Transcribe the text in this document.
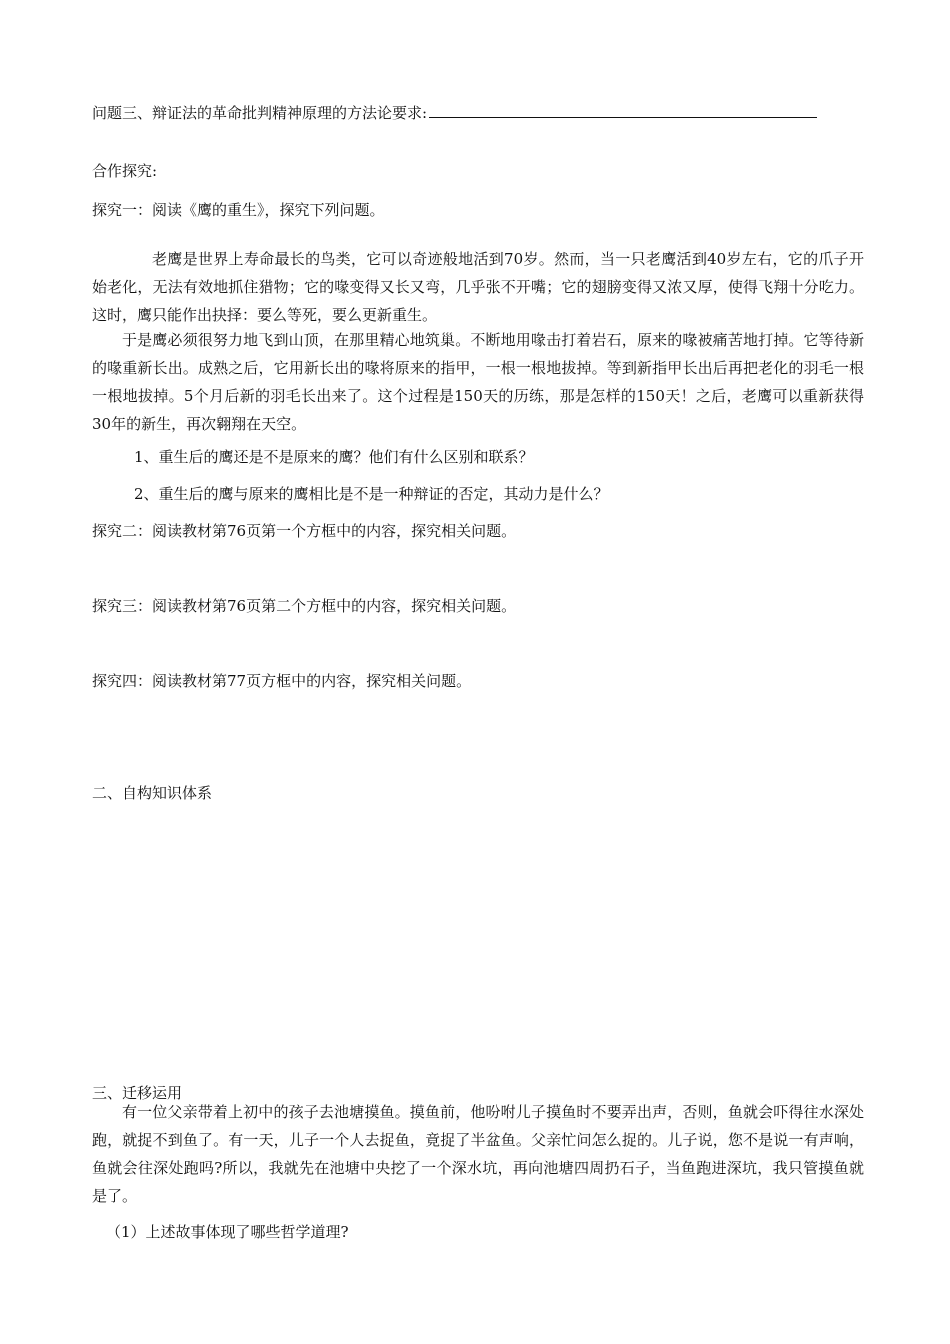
问题三、辩证法的革命批判精神原理的方法论要求:
合作探究:
探究一：阅读《鹰的重生》，探究下列问题。
老鹰是世界上寿命最长的鸟类，它可以奇迹般地活到70岁。然而，当一只老鹰活到40岁左右，它的爪子开始老化，无法有效地抓住猎物；它的喙变得又长又弯，几乎张不开嘴；它的翅膀变得又浓又厚，使得飞翔十分吃力。这时，鹰只能作出抉择：要么等死，要么更新重生。
于是鹰必须很努力地飞到山顶，在那里精心地筑巢。不断地用喙击打着岩石，原来的喙被痛苦地打掉。它等待新的喙重新长出。成熟之后，它用新长出的喙将原来的指甲，一根一根地拔掉。等到新指甲长出后再把老化的羽毛一根一根地拔掉。5个月后新的羽毛长出来了。这个过程是150天的历练，那是怎样的150天！之后，老鹰可以重新获得30年的新生，再次翱翔在天空。
1、重生后的鹰还是不是原来的鹰？他们有什么区别和联系？
2、重生后的鹰与原来的鹰相比是不是一种辩证的否定，其动力是什么？
探究二：阅读教材第76页第一个方框中的内容，探究相关问题。
探究三：阅读教材第76页第二个方框中的内容，探究相关问题。
探究四：阅读教材第77页方框中的内容，探究相关问题。
二、自构知识体系
三、迁移运用
有一位父亲带着上初中的孩子去池塘摸鱼。摸鱼前，他吩咐儿子摸鱼时不要弄出声，否则，鱼就会吓得往水深处跑，就捉不到鱼了。有一天，儿子一个人去捉鱼，竟捉了半盆鱼。父亲忙问怎么捉的。儿子说，您不是说一有声响，鱼就会往深处跑吗?所以，我就先在池塘中央挖了一个深水坑，再向池塘四周扔石子，当鱼跑进深坑，我只管摸鱼就是了。
（1）上述故事体现了哪些哲学道理?
